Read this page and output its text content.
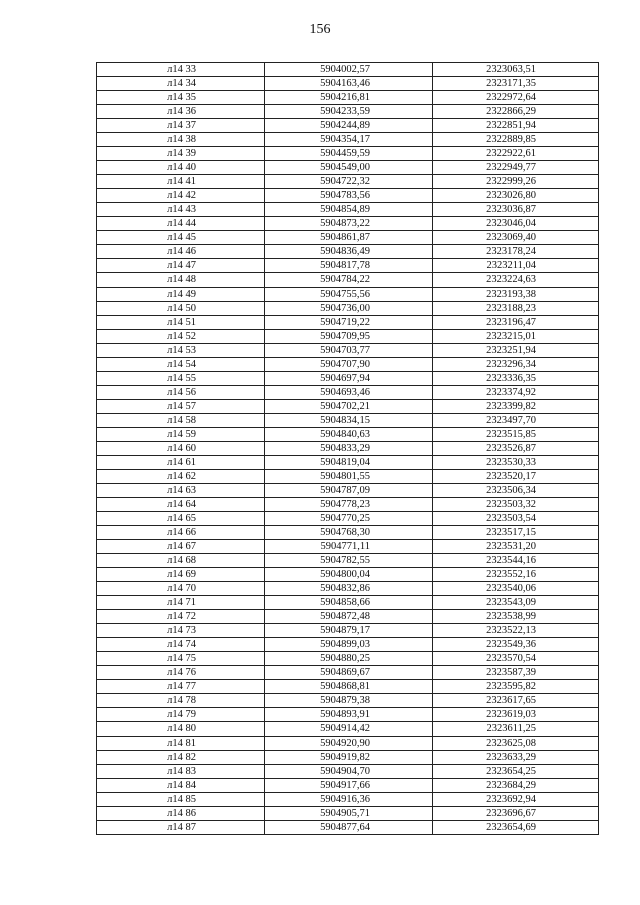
156
л14 33	5904002,57	2323063,51
л14 34	5904163,46	2323171,35
л14 35	5904216,81	2322972,64
л14 36	5904233,59	2322866,29
л14 37	5904244,89	2322851,94
л14 38	5904354,17	2322889,85
л14 39	5904459,59	2322922,61
л14 40	5904549,00	2322949,77
л14 41	5904722,32	2322999,26
л14 42	5904783,56	2323026,80
л14 43	5904854,89	2323036,87
л14 44	5904873,22	2323046,04
л14 45	5904861,87	2323069,40
л14 46	5904836,49	2323178,24
л14 47	5904817,78	2323211,04
л14 48	5904784,22	2323224,63
л14 49	5904755,56	2323193,38
л14 50	5904736,00	2323188,23
л14 51	5904719,22	2323196,47
л14 52	5904709,95	2323215,01
л14 53	5904703,77	2323251,94
л14 54	5904707,90	2323296,34
л14 55	5904697,94	2323336,35
л14 56	5904693,46	2323374,92
л14 57	5904702,21	2323399,82
л14 58	5904834,15	2323497,70
л14 59	5904840,63	2323515,85
л14 60	5904833,29	2323526,87
л14 61	5904819,04	2323530,33
л14 62	5904801,55	2323520,17
л14 63	5904787,09	2323506,34
л14 64	5904778,23	2323503,32
л14 65	5904770,25	2323503,54
л14 66	5904768,30	2323517,15
л14 67	5904771,11	2323531,20
л14 68	5904782,55	2323544,16
л14 69	5904800,04	2323552,16
л14 70	5904832,86	2323540,06
л14 71	5904858,66	2323543,09
л14 72	5904872,48	2323538,99
л14 73	5904879,17	2323522,13
л14 74	5904899,03	2323549,36
л14 75	5904880,25	2323570,54
л14 76	5904869,67	2323587,39
л14 77	5904868,81	2323595,82
л14 78	5904879,38	2323617,65
л14 79	5904893,91	2323619,03
л14 80	5904914,42	2323611,25
л14 81	5904920,90	2323625,08
л14 82	5904919,82	2323633,29
л14 83	5904904,70	2323654,25
л14 84	5904917,66	2323684,29
л14 85	5904916,36	2323692,94
л14 86	5904905,71	2323696,67
л14 87	5904877,64	2323654,69
